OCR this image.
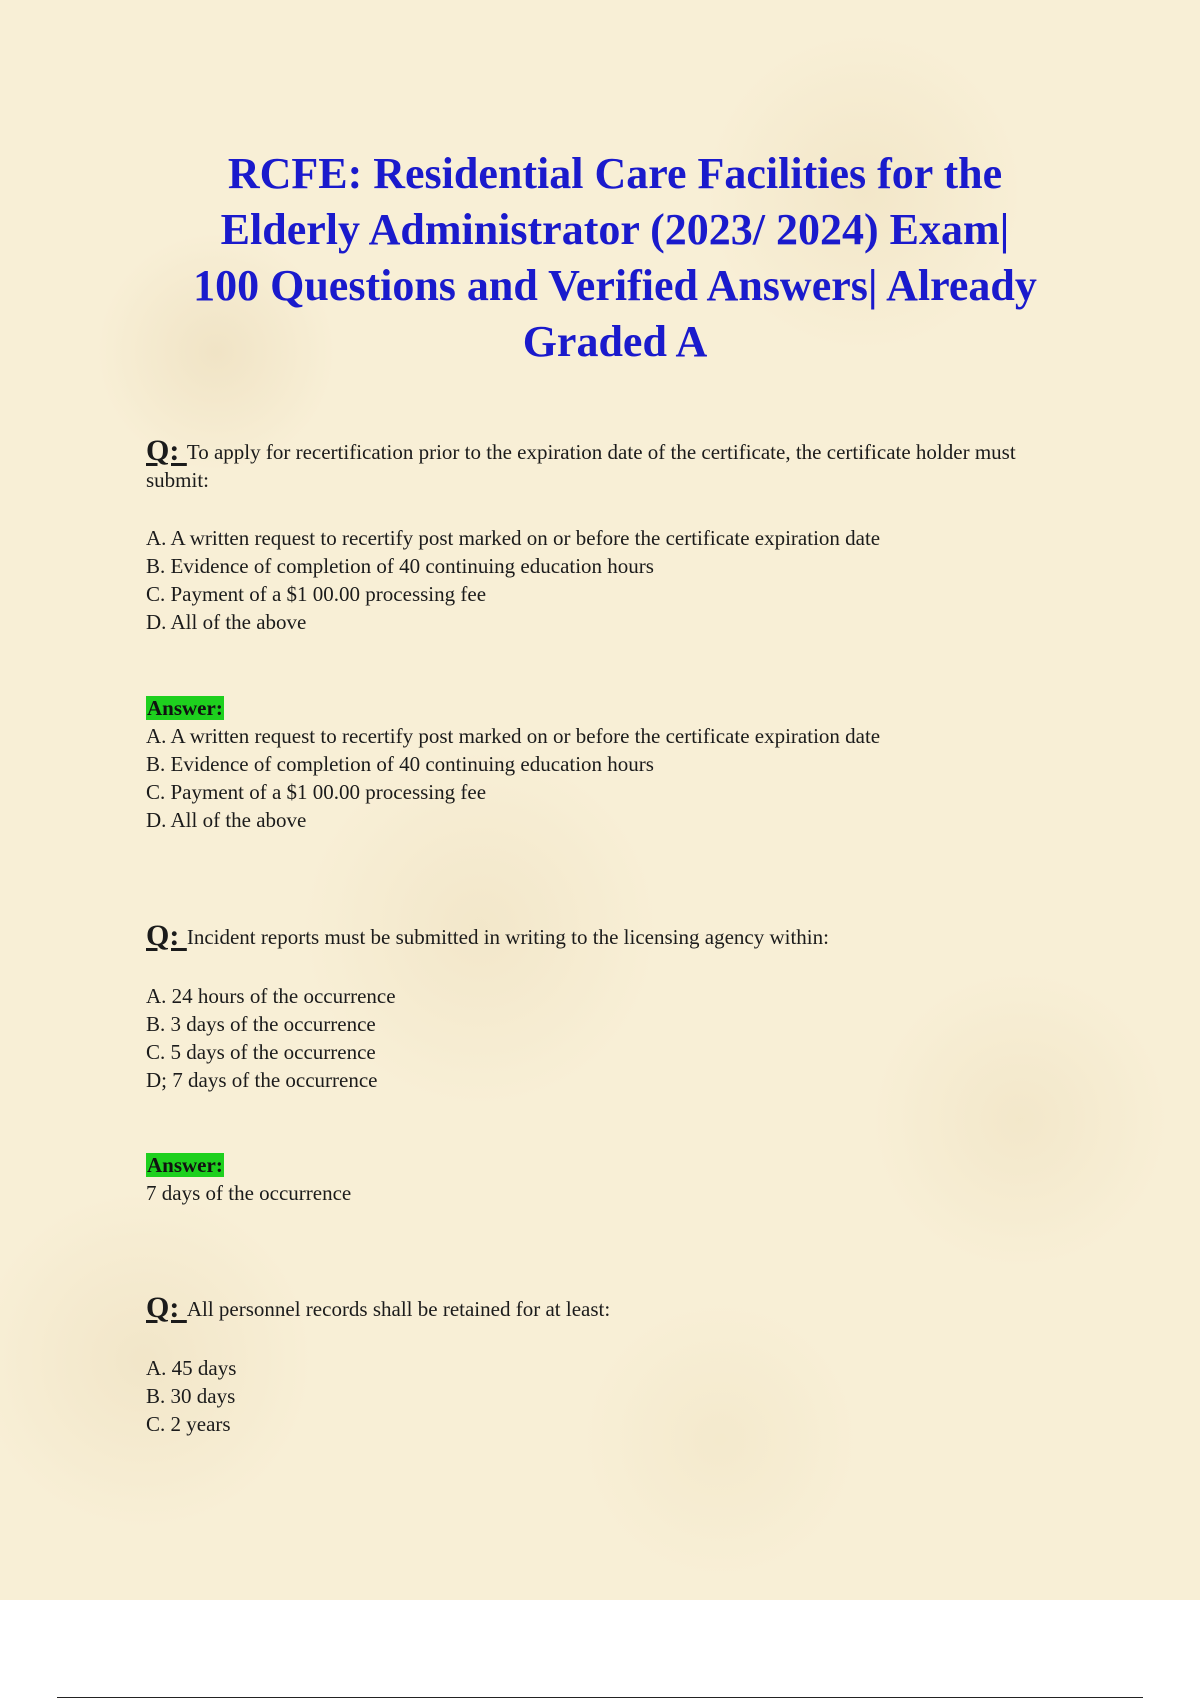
RCFE: Residential Care Facilities for the
Elderly Administrator (2023/ 2024) Exam|
100 Questions and Verified Answers| Already
Graded A

Q: To apply for recertification prior to the expiration date of the certificate, the certificate holder must submit:

A. A written request to recertify post marked on or before the certificate expiration date
B. Evidence of completion of 40 continuing education hours
C. Payment of a $1 00.00 processing fee
D. All of the above
Answer:
A. A written request to recertify post marked on or before the certificate expiration date
B. Evidence of completion of 40 continuing education hours
C. Payment of a $1 00.00 processing fee
D. All of the above

Q: Incident reports must be submitted in writing to the licensing agency within:

A. 24 hours of the occurrence
B. 3 days of the occurrence
C. 5 days of the occurrence
D; 7 days of the occurrence
Answer:
7 days of the occurrence

Q: All personnel records shall be retained for at least:

A. 45 days
B. 30 days
C. 2 years
